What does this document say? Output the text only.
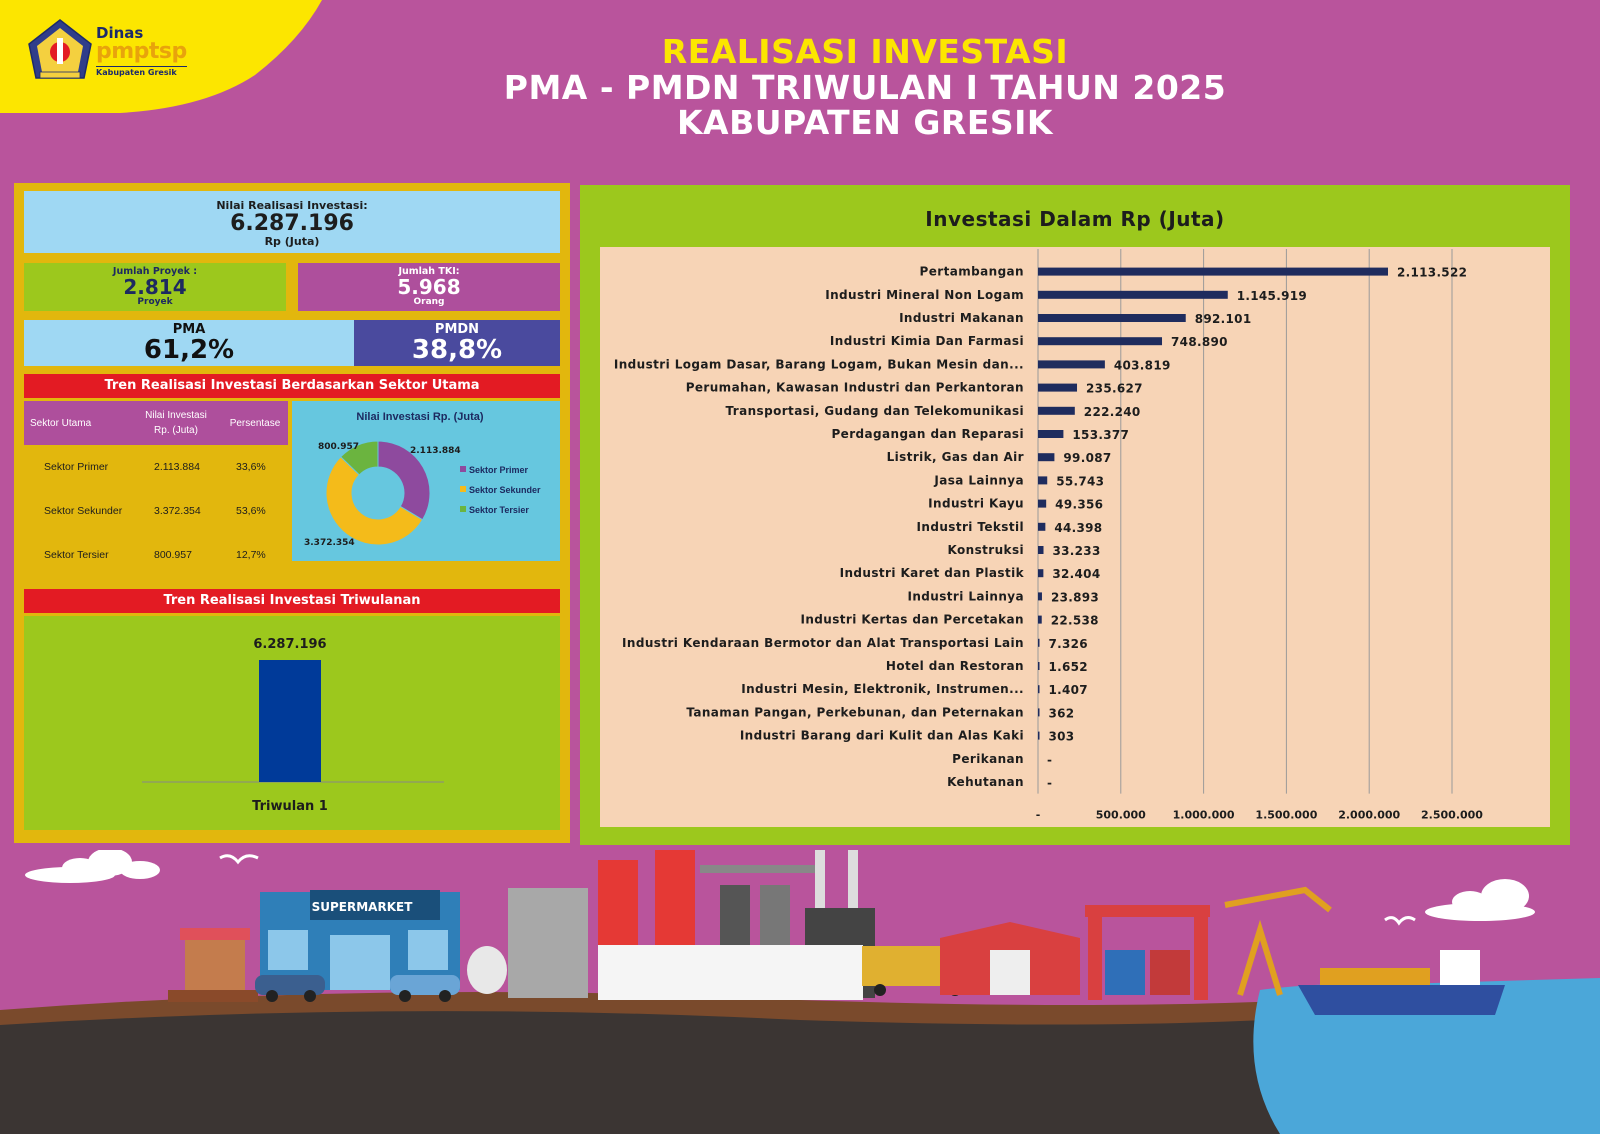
Dinas
pmptsp
Kabupaten Gresik
REALISASI INVESTASI
PMA - PMDN TRIWULAN I TAHUN 2025
KABUPATEN GRESIK
Nilai Realisasi Investasi:
6.287.196
Rp (Juta)
Jumlah Proyek :
2.814
Proyek
Jumlah TKI:
5.968
Orang
PMA
61,2%
PMDN
38,8%
Tren Realisasi Investasi Berdasarkan Sektor Utama
Sektor Utama
Nilai Investasi
Rp. (Juta)
Persentase
Sektor Primer	2.113.884	33,6%
Sektor Sekunder	3.372.354	53,6%
Sektor Tersier	800.957	12,7%
Nilai Investasi Rp. (Juta)
2.113.884
3.372.354
800.957
Sektor Primer
Sektor Sekunder
Sektor Tersier
Tren Realisasi Investasi Triwulanan
6.287.196
Triwulan 1
Investasi Dalam Rp (Juta)
-	500.000 1.000.000 1.500.000 2.000.000 2.500.000
Pertambangan	2.113.522
Industri Mineral Non Logam	1.145.919
Industri Makanan	892.101
Industri Kimia Dan Farmasi	748.890
Industri Logam Dasar, Barang Logam, Bukan Mesin dan...	403.819
Perumahan, Kawasan Industri dan Perkantoran	235.627
Transportasi, Gudang dan Telekomunikasi	222.240
Perdagangan dan Reparasi	153.377
Listrik, Gas dan Air	99.087
Jasa Lainnya	55.743
Industri Kayu	49.356
Industri Tekstil	44.398
Konstruksi 33.233
Industri Karet dan Plastik 32.404
Industri Lainnya 23.893
Industri Kertas dan Percetakan 22.538
Industri Kendaraan Bermotor dan Alat Transportasi Lain 7.326
Hotel dan Restoran 1.652
Industri Mesin, Elektronik, Instrumen... 1.407
Tanaman Pangan, Perkebunan, dan Peternakan 362
Industri Barang dari Kulit dan Alas Kaki 303
Perikanan -
Kehutanan -
SUPERMARKET
